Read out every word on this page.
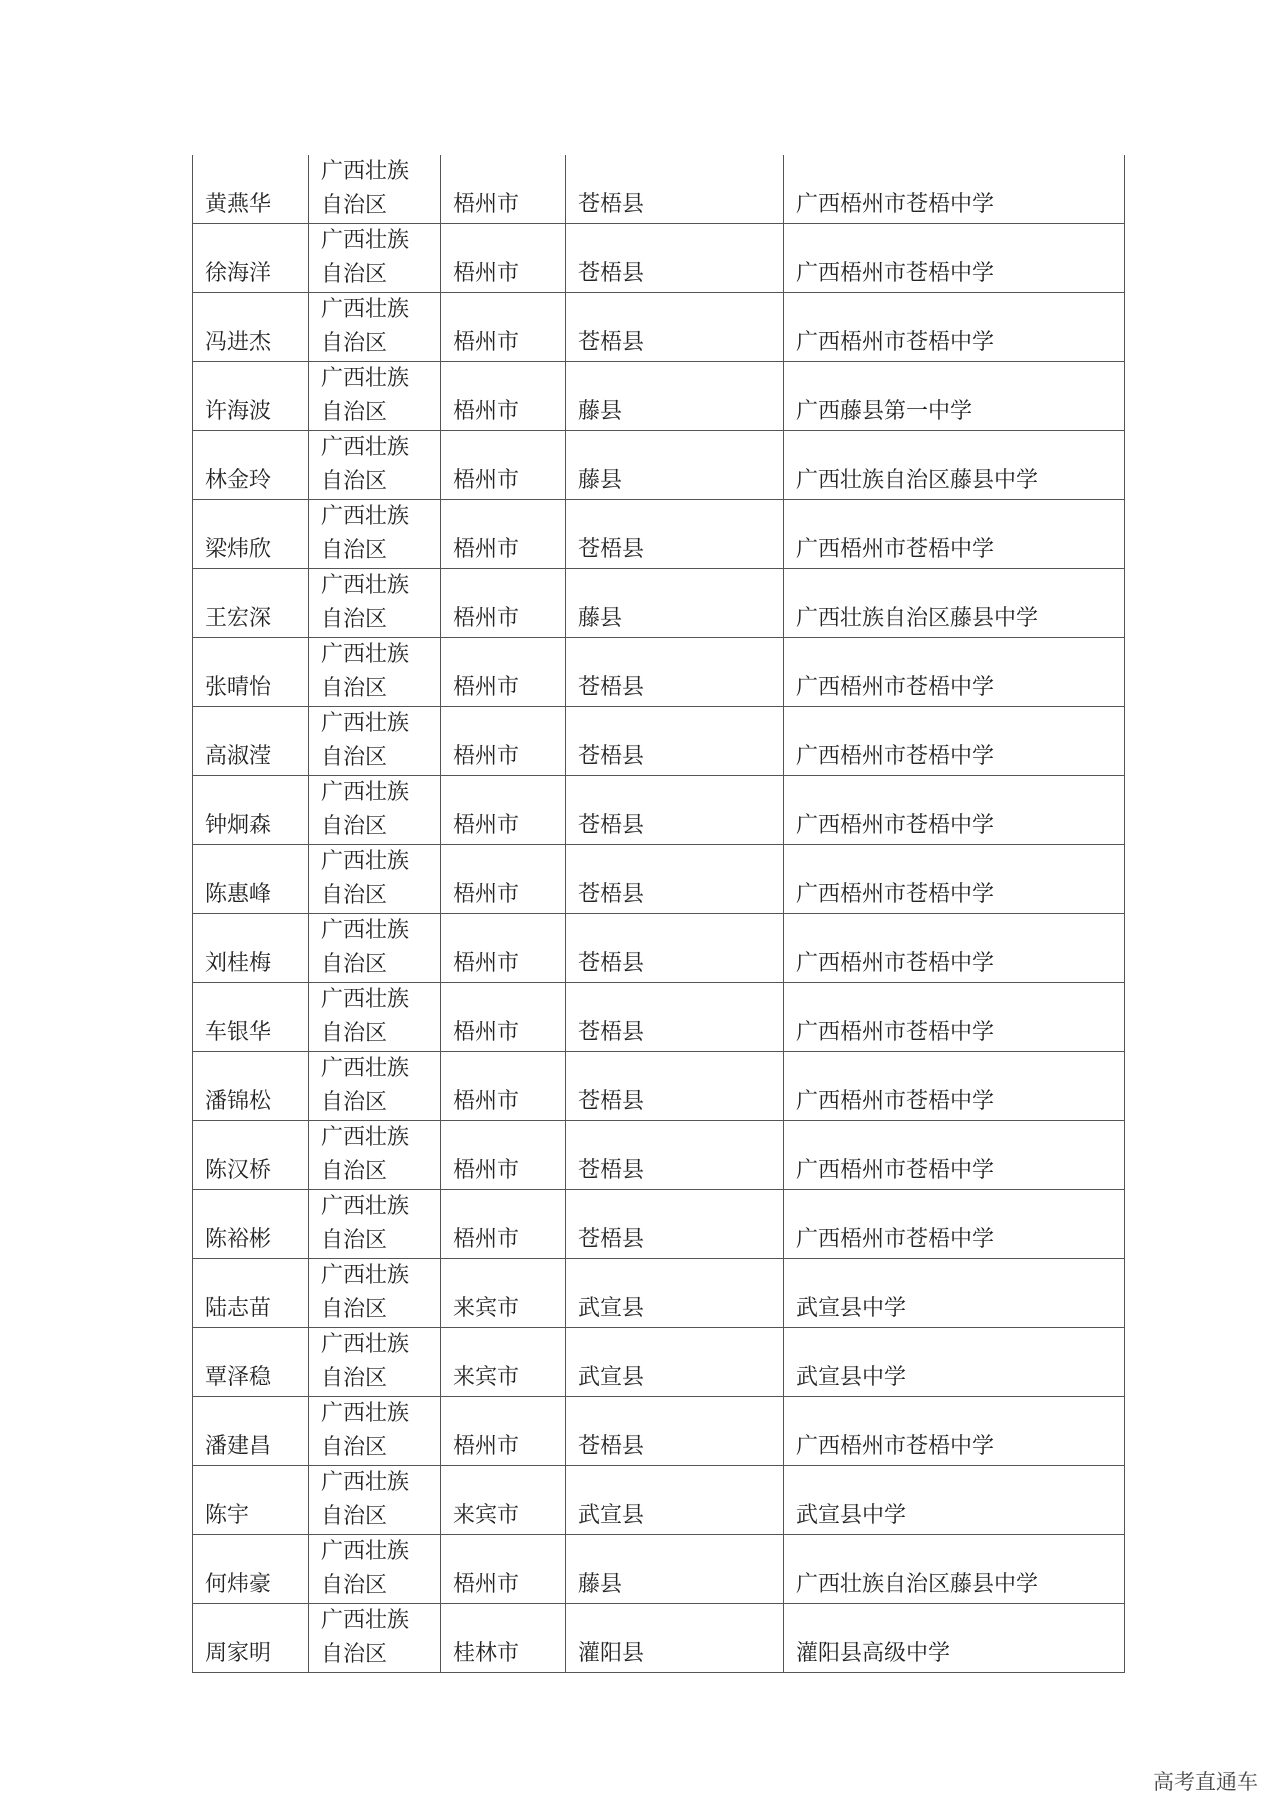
黄燕华	广西壮族
自治区	梧州市	苍梧县	广西梧州市苍梧中学

徐海洋	广西壮族
自治区	梧州市	苍梧县	广西梧州市苍梧中学

冯进杰	广西壮族
自治区	梧州市	苍梧县	广西梧州市苍梧中学

许海波	广西壮族
自治区	梧州市	藤县	广西藤县第一中学

林金玲	广西壮族
自治区	梧州市	藤县	广西壮族自治区藤县中学

梁炜欣	广西壮族
自治区	梧州市	苍梧县	广西梧州市苍梧中学

王宏深	广西壮族
自治区	梧州市	藤县	广西壮族自治区藤县中学

张晴怡	广西壮族
自治区	梧州市	苍梧县	广西梧州市苍梧中学

高淑滢	广西壮族
自治区	梧州市	苍梧县	广西梧州市苍梧中学

钟炯森	广西壮族
自治区	梧州市	苍梧县	广西梧州市苍梧中学

陈惠峰	广西壮族
自治区	梧州市	苍梧县	广西梧州市苍梧中学

刘桂梅	广西壮族
自治区	梧州市	苍梧县	广西梧州市苍梧中学

车银华	广西壮族
自治区	梧州市	苍梧县	广西梧州市苍梧中学

潘锦松	广西壮族
自治区	梧州市	苍梧县	广西梧州市苍梧中学

陈汉桥	广西壮族
自治区	梧州市	苍梧县	广西梧州市苍梧中学

陈裕彬	广西壮族
自治区	梧州市	苍梧县	广西梧州市苍梧中学

陆志苗	广西壮族
自治区	来宾市	武宣县	武宣县中学

覃泽稳	广西壮族
自治区	来宾市	武宣县	武宣县中学

潘建昌	广西壮族
自治区	梧州市	苍梧县	广西梧州市苍梧中学

陈宇	广西壮族
自治区	来宾市	武宣县	武宣县中学

何炜豪	广西壮族
自治区	梧州市	藤县	广西壮族自治区藤县中学

周家明	广西壮族
自治区	桂林市	灌阳县	灌阳县高级中学
高考直通车
